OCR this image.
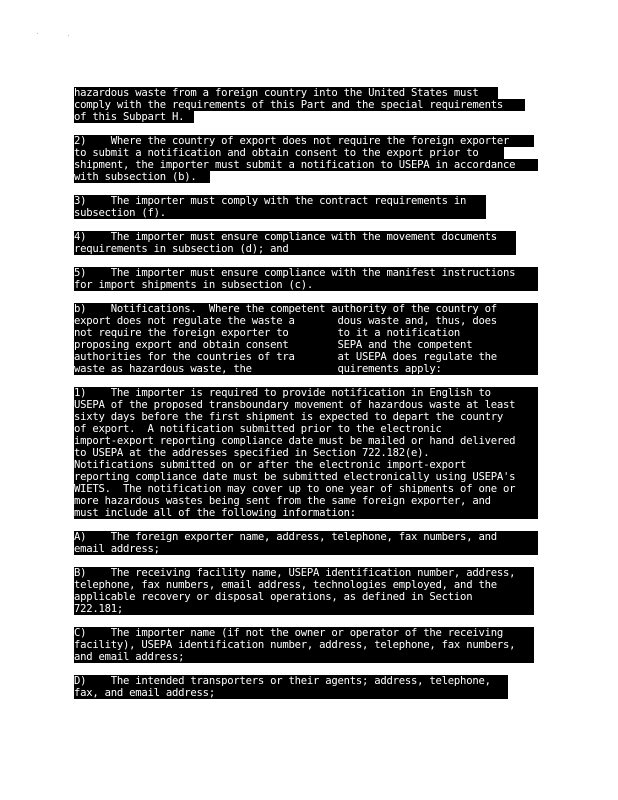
hazardous waste from a foreign country into the United States must
comply with the requirements of this Part and the special requirements
of this Subpart H.
2)    Where the country of export does not require the foreign exporter
to submit a notification and obtain consent to the export prior to
shipment, the importer must submit a notification to USEPA in accordance
with subsection (b).
3)    The importer must comply with the contract requirements in
subsection (f).
4)    The importer must ensure compliance with the movement documents
requirements in subsection (d); and
5)    The importer must ensure compliance with the manifest instructions
for import shipments in subsection (c).
b)    Notifications.  Where the competent authority of the country of
export does not regulate the waste a       dous waste and, thus, does
not require the foreign exporter to        to it a notification
proposing export and obtain consent        SEPA and the competent
authorities for the countries of tra       at USEPA does regulate the
waste as hazardous waste, the              quirements apply:
1)    The importer is required to provide notification in English to
USEPA of the proposed transboundary movement of hazardous waste at least
sixty days before the first shipment is expected to depart the country
of export.  A notification submitted prior to the electronic
import-export reporting compliance date must be mailed or hand delivered
to USEPA at the addresses specified in Section 722.182(e).
Notifications submitted on or after the electronic import-export
reporting compliance date must be submitted electronically using USEPA's
WIETS.  The notification may cover up to one year of shipments of one or
more hazardous wastes being sent from the same foreign exporter, and
must include all of the following information:
A)    The foreign exporter name, address, telephone, fax numbers, and
email address;
B)    The receiving facility name, USEPA identification number, address,
telephone, fax numbers, email address, technologies employed, and the
applicable recovery or disposal operations, as defined in Section
722.181;
C)    The importer name (if not the owner or operator of the receiving
facility), USEPA identification number, address, telephone, fax numbers,
and email address;
D)    The intended transporters or their agents; address, telephone,
fax, and email address;
